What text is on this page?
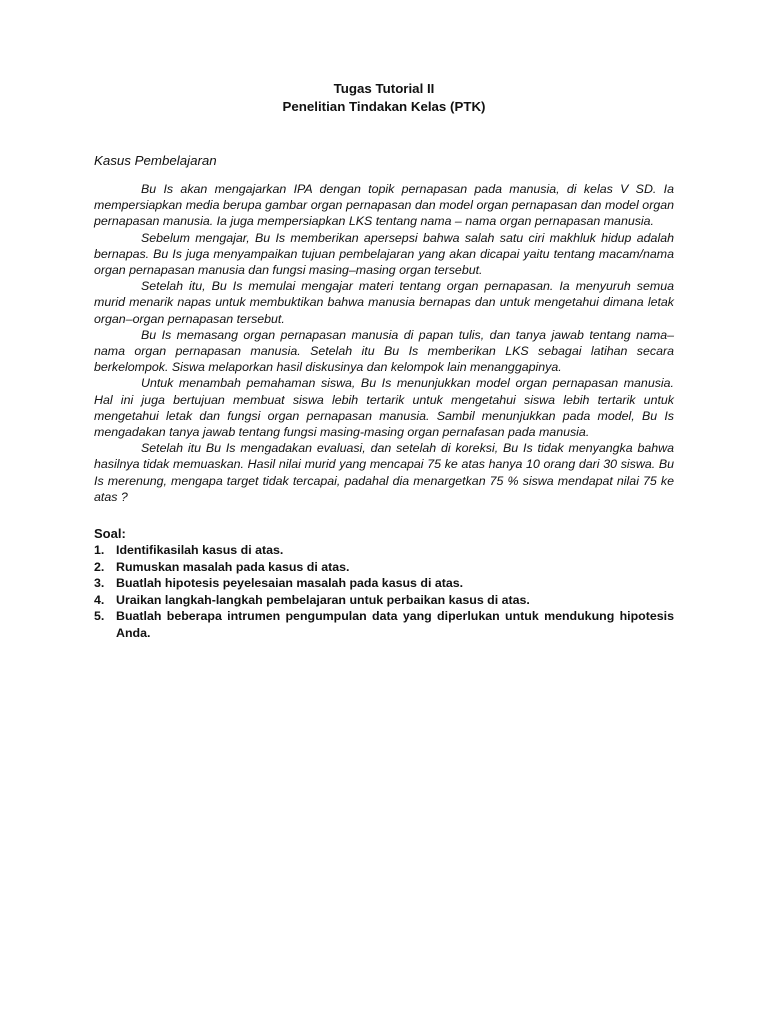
Tugas Tutorial II
Penelitian Tindakan Kelas (PTK)
Kasus Pembelajaran

Bu Is akan mengajarkan IPA dengan topik pernapasan pada manusia, di kelas V SD. Ia mempersiapkan media berupa gambar organ pernapasan dan model organ pernapasan dan model organ pernapasan manusia. Ia juga mempersiapkan LKS tentang nama – nama organ pernapasan manusia.

Sebelum mengajar, Bu Is memberikan apersepsi bahwa salah satu ciri makhluk hidup adalah bernapas. Bu Is juga menyampaikan tujuan pembelajaran yang akan dicapai yaitu tentang macam/nama organ pernapasan manusia dan fungsi masing–masing organ tersebut.

Setelah itu, Bu Is memulai mengajar materi tentang organ pernapasan. Ia menyuruh semua murid menarik napas untuk membuktikan bahwa manusia bernapas dan untuk mengetahui dimana letak organ–organ pernapasan tersebut.

Bu Is memasang organ pernapasan manusia di papan tulis, dan tanya jawab tentang nama–nama organ pernapasan manusia. Setelah itu Bu Is memberikan LKS sebagai latihan secara berkelompok. Siswa melaporkan hasil diskusinya dan kelompok lain menanggapinya.

Untuk menambah pemahaman siswa, Bu Is menunjukkan model organ pernapasan manusia. Hal ini juga bertujuan membuat siswa lebih tertarik untuk mengetahui siswa lebih tertarik untuk mengetahui letak dan fungsi organ pernapasan manusia. Sambil menunjukkan pada model, Bu Is mengadakan tanya jawab tentang fungsi masing-masing organ pernafasan pada manusia.

Setelah itu Bu Is mengadakan evaluasi, dan setelah di koreksi, Bu Is tidak menyangka bahwa hasilnya tidak memuaskan. Hasil nilai murid yang mencapai 75 ke atas hanya 10 orang dari 30 siswa. Bu Is merenung, mengapa target tidak tercapai, padahal dia menargetkan 75 % siswa mendapat nilai 75 ke atas ?

Soal:
1. Identifikasilah kasus di atas.
2. Rumuskan masalah pada kasus di atas.
3. Buatlah hipotesis peyelesaian masalah pada kasus di atas.
4. Uraikan langkah-langkah pembelajaran untuk perbaikan kasus di atas.
5. Buatlah beberapa intrumen pengumpulan data yang diperlukan untuk mendukung hipotesis Anda.
